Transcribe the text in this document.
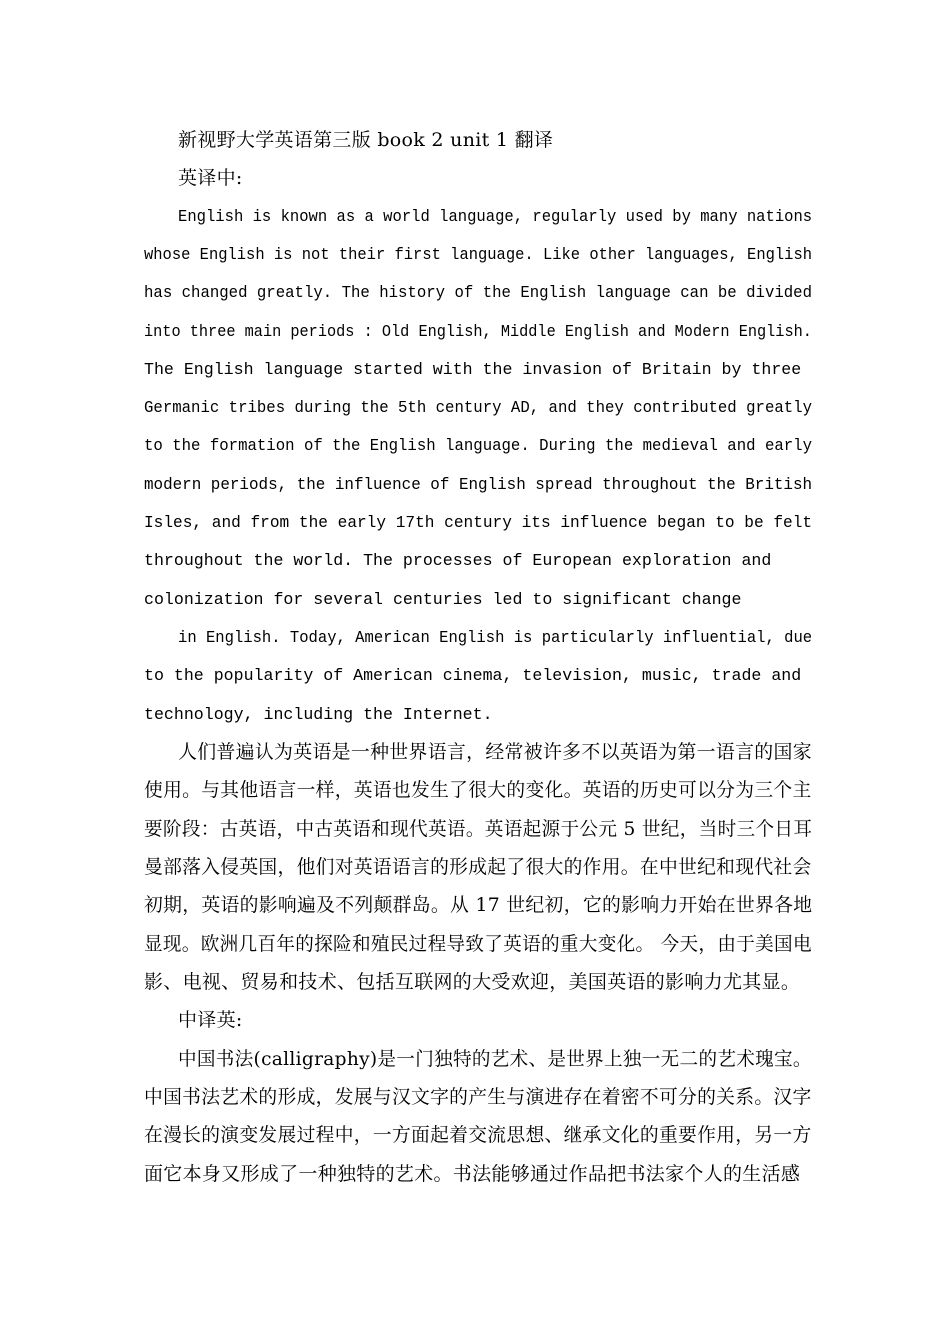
新视野大学英语第三版 book 2 unit 1 翻译
英译中:
English is known as a world language, regularly used by many nations
whose English is not their first language. Like other languages, English
has changed greatly. The history of the English language can be divided
into three main periods : Old English, Middle English and Modern English.
The English language started with the invasion of Britain by three
Germanic tribes during the 5th century AD, and they contributed greatly
to the formation of the English language. During the medieval and early
modern periods, the influence of English spread throughout the British
Isles, and from the early 17th century its influence began to be felt
throughout the world. The processes of European exploration and
colonization for several centuries led to significant change
in English. Today, American English is particularly influential, due
to the popularity of American cinema, television, music, trade and
technology, including the Internet.
人们普遍认为英语是一种世界语言，经常被许多不以英语为第一语言的国家
使用。与其他语言一样，英语也发生了很大的变化。英语的历史可以分为三个主
要阶段：古英语，中古英语和现代英语。英语起源于公元 5 世纪，当时三个日耳
曼部落入侵英国，他们对英语语言的形成起了很大的作用。在中世纪和现代社会
初期，英语的影响遍及不列颠群岛。从 17 世纪初，它的影响力开始在世界各地
显现。欧洲几百年的探险和殖民过程导致了英语的重大变化。 今天，由于美国电
影、电视、贸易和技术、包括互联网的大受欢迎，美国英语的影响力尤其显。
中译英:
中国书法(calligraphy)是一门独特的艺术、是世界上独一无二的艺术瑰宝。
中国书法艺术的形成，发展与汉文字的产生与演进存在着密不可分的关系。汉字
在漫长的演变发展过程中，一方面起着交流思想、继承文化的重要作用，另一方
面它本身又形成了一种独特的艺术。书法能够通过作品把书法家个人的生活感
